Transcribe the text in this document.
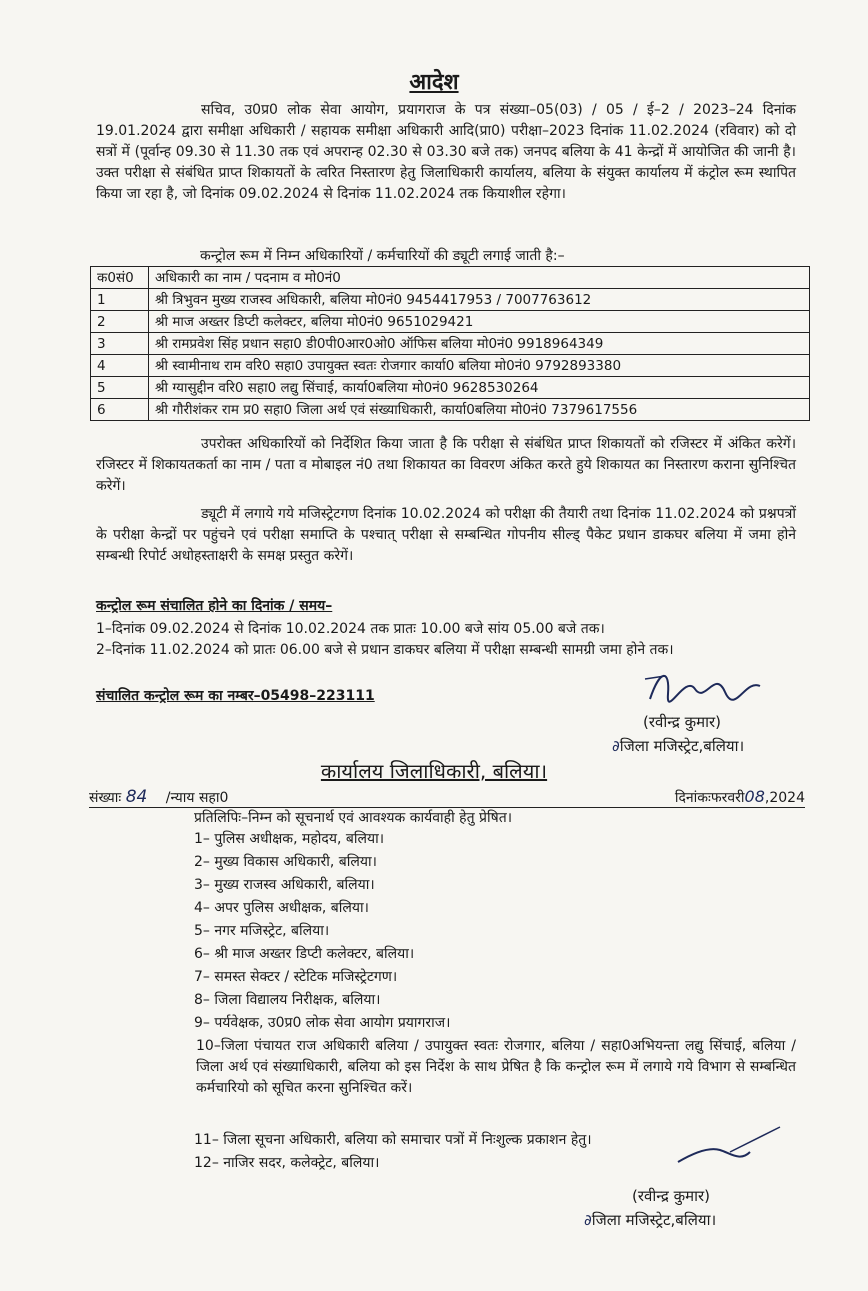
आदेश
सचिव, उ0प्र0 लोक सेवा आयोग, प्रयागराज के पत्र संख्या–05(03) / 05 / ई–2 / 2023–24 दिनांक 19.01.2024 द्वारा समीक्षा अधिकारी / सहायक समीक्षा अधिकारी आदि(प्रा0) परीक्षा–2023 दिनांक 11.02.2024 (रविवार) को दो सत्रों में (पूर्वान्ह 09.30 से 11.30 तक एवं अपरान्ह 02.30 से 03.30 बजे तक) जनपद बलिया के 41 केन्द्रों में आयोजित की जानी है। उक्त परीक्षा से संबंधित प्राप्त शिकायतों के त्वरित निस्तारण हेतु जिलाधिकारी कार्यालय, बलिया के संयुक्त कार्यालय में कंट्रोल रूम स्थापित किया जा रहा है, जो दिनांक 09.02.2024 से दिनांक 11.02.2024 तक कियाशील रहेगा।
कन्ट्रोल रूम में निम्न अधिकारियों / कर्मचारियों की ड्यूटी लगाई जाती है:–
क0सं0	अधिकारी का नाम / पदनाम व मो0नं0
1	श्री त्रिभुवन मुख्य राजस्व अधिकारी, बलिया मो0नं0 9454417953 / 7007763612
2	श्री माज अख्तर डिप्टी कलेक्टर, बलिया मो0नं0 9651029421
3	श्री रामप्रवेश सिंह प्रधान सहा0 डी0पी0आर0ओ0 ऑफिस बलिया मो0नं0 9918964349
4	श्री स्वामीनाथ राम वरि0 सहा0 उपायुक्त स्वतः रोजगार कार्या0 बलिया मो0नं0 9792893380
5	श्री ग्यासुद्दीन वरि0 सहा0 लद्यु सिंचाई, कार्या0बलिया मो0नं0 9628530264
6	श्री गौरीशंकर राम प्र0 सहा0 जिला अर्थ एवं संख्याधिकारी, कार्या0बलिया मो0नं0 7379617556
उपरोक्त अधिकारियों को निर्देशित किया जाता है कि परीक्षा से संबंधित प्राप्त शिकायतों को रजिस्टर में अंकित करेगें। रजिस्टर में शिकायतकर्ता का नाम / पता व मोबाइल नं0 तथा शिकायत का विवरण अंकित करते हुये शिकायत का निस्तारण कराना सुनिश्चित करेगें।
ड्यूटी में लगाये गये मजिस्ट्रेटगण दिनांक 10.02.2024 को परीक्षा की तैयारी तथा दिनांक 11.02.2024 को प्रश्नपत्रों के परीक्षा केन्द्रों पर पहुंचने एवं परीक्षा समाप्ति के पश्चात् परीक्षा से सम्बन्धित गोपनीय सील्ड् पैकेट प्रधान डाकघर बलिया में जमा होने सम्बन्धी रिपोर्ट अधोहस्ताक्षरी के समक्ष प्रस्तुत करेगें।
कन्ट्रोल रूम संचालित होने का दिनांक / समय–
1–दिनांक 09.02.2024 से दिनांक 10.02.2024 तक प्रातः 10.00 बजे सांय 05.00 बजे तक।
2–दिनांक 11.02.2024 को प्रातः 06.00 बजे से प्रधान डाकघर बलिया में परीक्षा सम्बन्धी सामग्री जमा होने तक।
संचालित कन्ट्रोल रूम का नम्बर–05498–223111
(रवीन्द्र कुमार)
∂जिला मजिस्ट्रेट,बलिया।
कार्यालय जिलाधिकारी, बलिया।
संख्याः 84 /न्याय सहा0	दिनांकःफरवरी08,2024
प्रतिलिपिः–निम्न को सूचनार्थ एवं आवश्यक कार्यवाही हेतु प्रेषित।
1– पुलिस अधीक्षक, महोदय, बलिया।
2– मुख्य विकास अधिकारी, बलिया।
3– मुख्य राजस्व अधिकारी, बलिया।
4– अपर पुलिस अधीक्षक, बलिया।
5– नगर मजिस्ट्रेट, बलिया।
6– श्री माज अख्तर डिप्टी कलेक्टर, बलिया।
7– समस्त सेक्टर / स्टेटिक मजिस्ट्रेटगण।
8– जिला विद्यालय निरीक्षक, बलिया।
9– पर्यवेक्षक, उ0प्र0 लोक सेवा आयोग प्रयागराज।
10–जिला पंचायत राज अधिकारी बलिया / उपायुक्त स्वतः रोजगार, बलिया / सहा0अभियन्ता लद्यु सिंचाई, बलिया / जिला अर्थ एवं संख्याधिकारी, बलिया को इस निर्देश के साथ प्रेषित है कि कन्ट्रोल रूम में लगाये गये विभाग से सम्बन्धित कर्मचारियो को सूचित करना सुनिश्चित करें।
11– जिला सूचना अधिकारी, बलिया को समाचार पत्रों में निःशुल्क प्रकाशन हेतु।
12– नाजिर सदर, कलेक्ट्रेट, बलिया।
(रवीन्द्र कुमार)
∂जिला मजिस्ट्रेट,बलिया।
